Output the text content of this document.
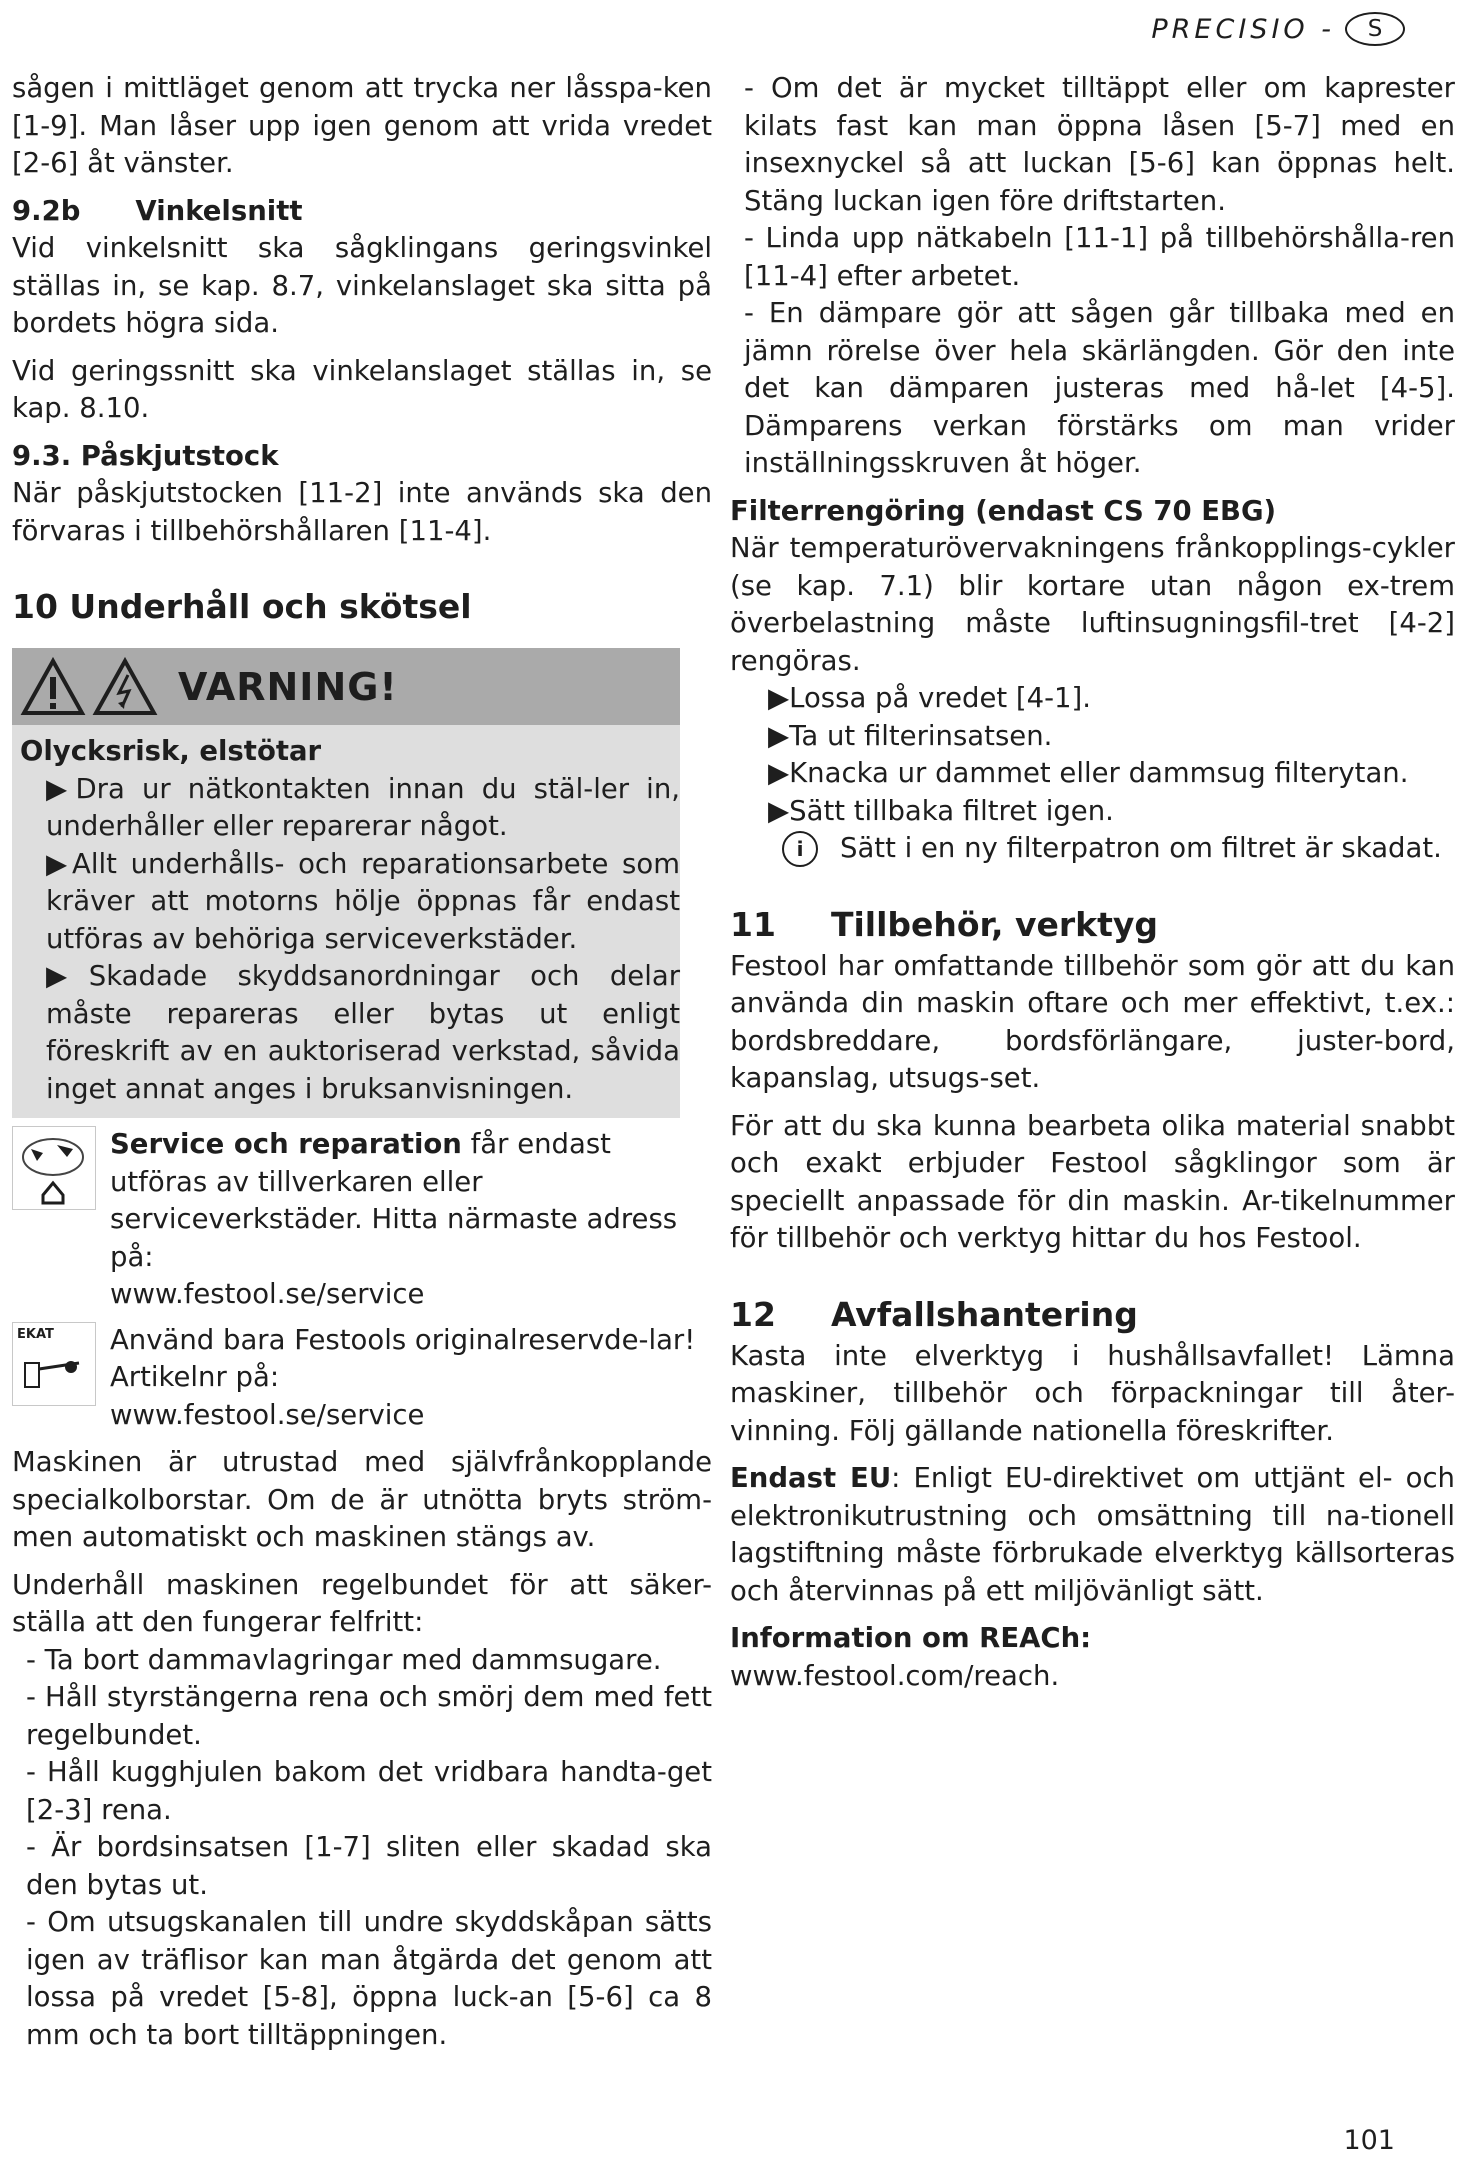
PRECISIO -	S

sågen i mittläget genom att trycka ner låsspa-ken [1-9]. Man låser upp igen genom att vrida vredet [2-6] åt vänster.

9.2b Vinkelsnitt

Vid vinkelsnitt ska sågklingans geringsvinkel ställas in, se kap. 8.7, vinkelanslaget ska sitta på bordets högra sida.

Vid geringssnitt ska vinkelanslaget ställas in, se kap. 8.10.

9.3. Påskjutstock

När påskjutstocken [11-2] inte används ska den förvaras i tillbehörshållaren [11-4].

10 Underhåll och skötsel

VARNING!

Olycksrisk, elstötar

▶Dra ur nätkontakten innan du stäl-ler in, underhåller eller reparerar något.

▶Allt underhålls- och reparationsarbete som kräver att motorns hölje öppnas får endast utföras av behöriga serviceverkstäder.

▶Skadade skyddsanordningar och delar måste repareras eller bytas ut enligt föreskrift av en auktoriserad verkstad, såvida inget annat anges i bruksanvisningen.

Service och reparation får endast utföras av tillverkaren eller serviceverkstäder. Hitta närmaste adress på:

www.festool.se/service

EKAT Använd bara Festools originalreservde-lar! Artikelnr på:

www.festool.se/service

Maskinen är utrustad med självfrånkopplande specialkolborstar. Om de är utnötta bryts ström-men automatiskt och maskinen stängs av.

Underhåll maskinen regelbundet för att säker-ställa att den fungerar felfritt:

- Ta bort dammavlagringar med dammsugare.

- Håll styrstängerna rena och smörj dem med fett regelbundet.

- Håll kugghjulen bakom det vridbara handta-get [2-3] rena.

- Är bordsinsatsen [1-7] sliten eller skadad ska den bytas ut.

- Om utsugskanalen till undre skyddskåpan sätts igen av träflisor kan man åtgärda det genom att lossa på vredet [5-8], öppna luck-an [5-6] ca 8 mm och ta bort tilltäppningen.

- Om det är mycket tilltäppt eller om kaprester kilats fast kan man öppna låsen [5-7] med en insexnyckel så att luckan [5-6] kan öppnas helt. Stäng luckan igen före driftstarten.

- Linda upp nätkabeln [11-1] på tillbehörshålla-ren [11-4] efter arbetet.

- En dämpare gör att sågen går tillbaka med en jämn rörelse över hela skärlängden. Gör den inte det kan dämparen justeras med hå-let [4-5]. Dämparens verkan förstärks om man vrider inställningsskruven åt höger.

Filterrengöring (endast CS 70 EBG)

När temperaturövervakningens frånkopplings-cykler (se kap. 7.1) blir kortare utan någon ex-trem överbelastning måste luftinsugningsfil-tret [4-2] rengöras.

▶Lossa på vredet [4-1].

▶Ta ut filterinsatsen.

▶Knacka ur dammet eller dammsug filterytan.

▶Sätt tillbaka filtret igen.

i	Sätt i en ny filterpatron om filtret är skadat.

11 Tillbehör, verktyg

Festool har omfattande tillbehör som gör att du kan använda din maskin oftare och mer effektivt, t.ex.: bordsbreddare, bordsförlängare, juster-bord, kapanslag, utsugs-set.

För att du ska kunna bearbeta olika material snabbt och exakt erbjuder Festool sågklingor som är speciellt anpassade för din maskin. Ar-tikelnummer för tillbehör och verktyg hittar du hos Festool.

12 Avfallshantering

Kasta inte elverktyg i hushållsavfallet! Lämna maskiner, tillbehör och förpackningar till åter-vinning. Följ gällande nationella föreskrifter.

Endast EU: Enligt EU-direktivet om uttjänt el- och elektronikutrustning och omsättning till na-tionell lagstiftning måste förbrukade elverktyg källsorteras och återvinnas på ett miljövänligt sätt.

Information om REACh:

www.festool.com/reach.

101
